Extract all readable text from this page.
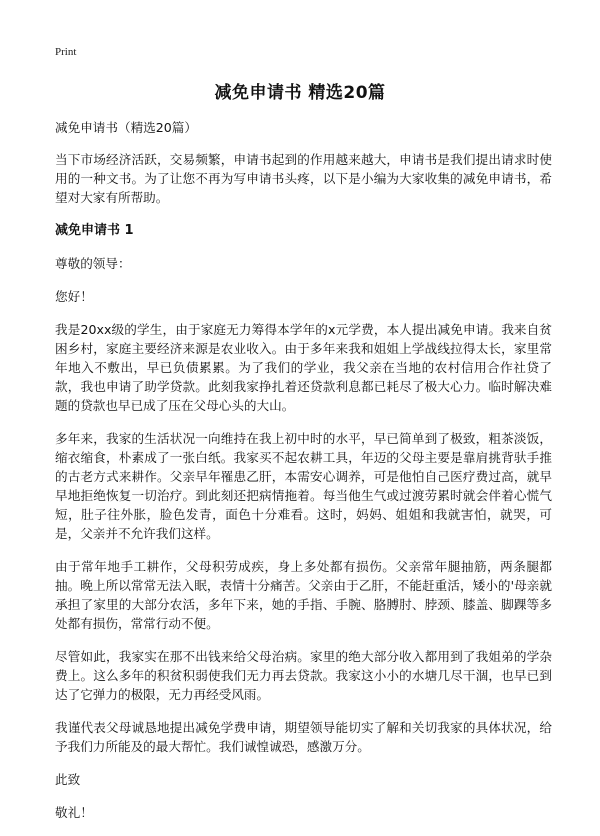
Print
减免申请书 精选20篇

减免申请书（精选20篇）

当下市场经济活跃，交易频繁，申请书起到的作用越来越大，申请书是我们提出请求时使用的一种文书。为了让您不再为写申请书头疼，以下是小编为大家收集的减免申请书，希望对大家有所帮助。

减免申请书 1

尊敬的领导：

您好！

我是20xx级的学生，由于家庭无力筹得本学年的x元学费，本人提出减免申请。我来自贫困乡村，家庭主要经济来源是农业收入。由于多年来我和姐姐上学战线拉得太长，家里常年地入不敷出，早已负债累累。为了我们的学业，我父亲在当地的农村信用合作社贷了款，我也申请了助学贷款。此刻我家挣扎着还贷款利息都已耗尽了极大心力。临时解决难题的贷款也早已成了压在父母心头的大山。

多年来，我家的生活状况一向维持在我上初中时的水平，早已简单到了极致，粗茶淡饭，缩衣缩食，朴素成了一张白纸。我家买不起农耕工具，年迈的父母主要是靠肩挑背驮手推的古老方式来耕作。父亲早年罹患乙肝，本需安心调养，可是他怕自己医疗费过高，就早早地拒绝恢复一切治疗。到此刻还把病情拖着。每当他生气或过渡劳累时就会伴着心慌气短，肚子往外胀，脸色发青，面色十分难看。这时，妈妈、姐姐和我就害怕，就哭，可是，父亲并不允许我们这样。

由于常年地手工耕作，父母积劳成疾，身上多处都有损伤。父亲常年腿抽筋，两条腿都抽。晚上所以常常无法入眠，表情十分痛苦。父亲由于乙肝，不能赶重活，矮小的'母亲就承担了家里的大部分农活，多年下来，她的手指、手腕、胳膊肘、脖颈、膝盖、脚踝等多处都有损伤，常常行动不便。

尽管如此，我家实在那不出钱来给父母治病。家里的绝大部分收入都用到了我姐弟的学杂费上。这么多年的积贫积弱使我们无力再去贷款。我家这小小的水塘几尽干涸，也早已到达了它弹力的极限，无力再经受风雨。

我谨代表父母诚恳地提出减免学费申请，期望领导能切实了解和关切我家的具体状况，给予我们力所能及的最大帮忙。我们诚惶诚恐，感激万分。

此致

敬礼！
